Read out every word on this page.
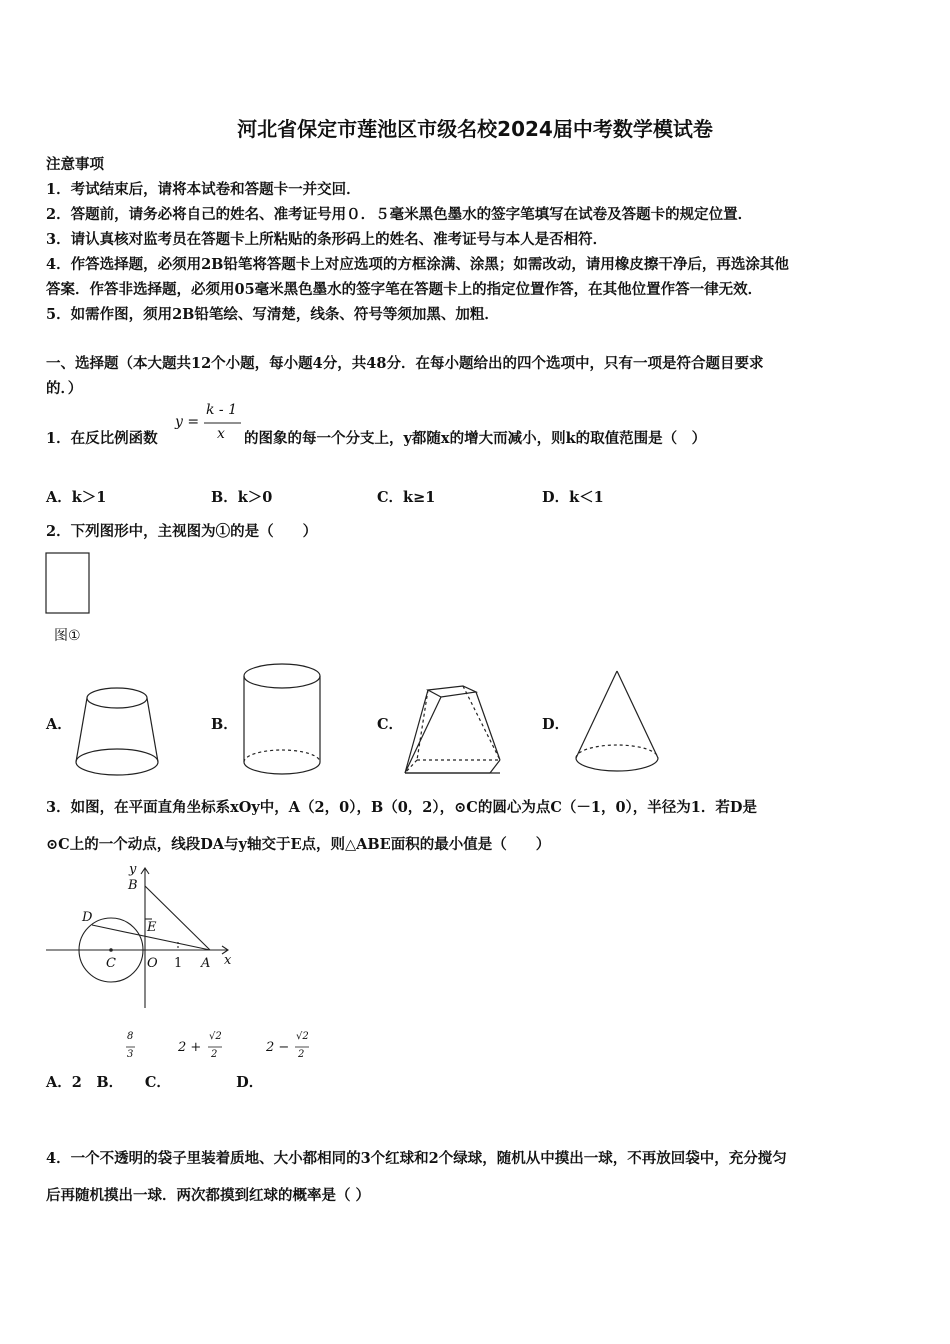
河北省保定市莲池区市级名校2024届中考数学模试卷
注意事项
1．考试结束后，请将本试卷和答题卡一并交回．
2．答题前，请务必将自己的姓名、准考证号用０．５毫米黑色墨水的签字笔填写在试卷及答题卡的规定位置．
3．请认真核对监考员在答题卡上所粘贴的条形码上的姓名、准考证号与本人是否相符．
4．作答选择题，必须用2B铅笔将答题卡上对应选项的方框涂满、涂黑；如需改动，请用橡皮擦干净后，再选涂其他
答案．作答非选择题，必须用05毫米黑色墨水的签字笔在答题卡上的指定位置作答，在其他位置作答一律无效．
5．如需作图，须用2B铅笔绘、写清楚，线条、符号等须加黑、加粗．
一、选择题（本大题共12个小题，每小题4分，共48分．在每小题给出的四个选项中，只有一项是符合题目要求
的．）
1．在反比例函数
y =
k - 1
x 的图象的每一个分支上，y都随x的增大而减小，则k的取值范围是（　）
A．k＞1	B．k＞0	C．k≥1	D．k＜1
2．下列图形中，主视图为①的是（　　）
图①
A．	B．	C．	D．
3．如图，在平面直角坐标系xOy中，A（2，0），B（0，2），⊙C的圆心为点C（－1，0），半径为1．若D是
⊙C上的一个动点，线段DA与y轴交于E点，则△ABE面积的最小值是（　　）
y
B
D
E
C O 1 A x
8
3	2 +
√2
2	2 −
√2
2
A．2　B．　　C．　　　　　D．
4．一个不透明的袋子里装着质地、大小都相同的3个红球和2个绿球，随机从中摸出一球，不再放回袋中，充分搅匀
后再随机摸出一球．两次都摸到红球的概率是（ ）
